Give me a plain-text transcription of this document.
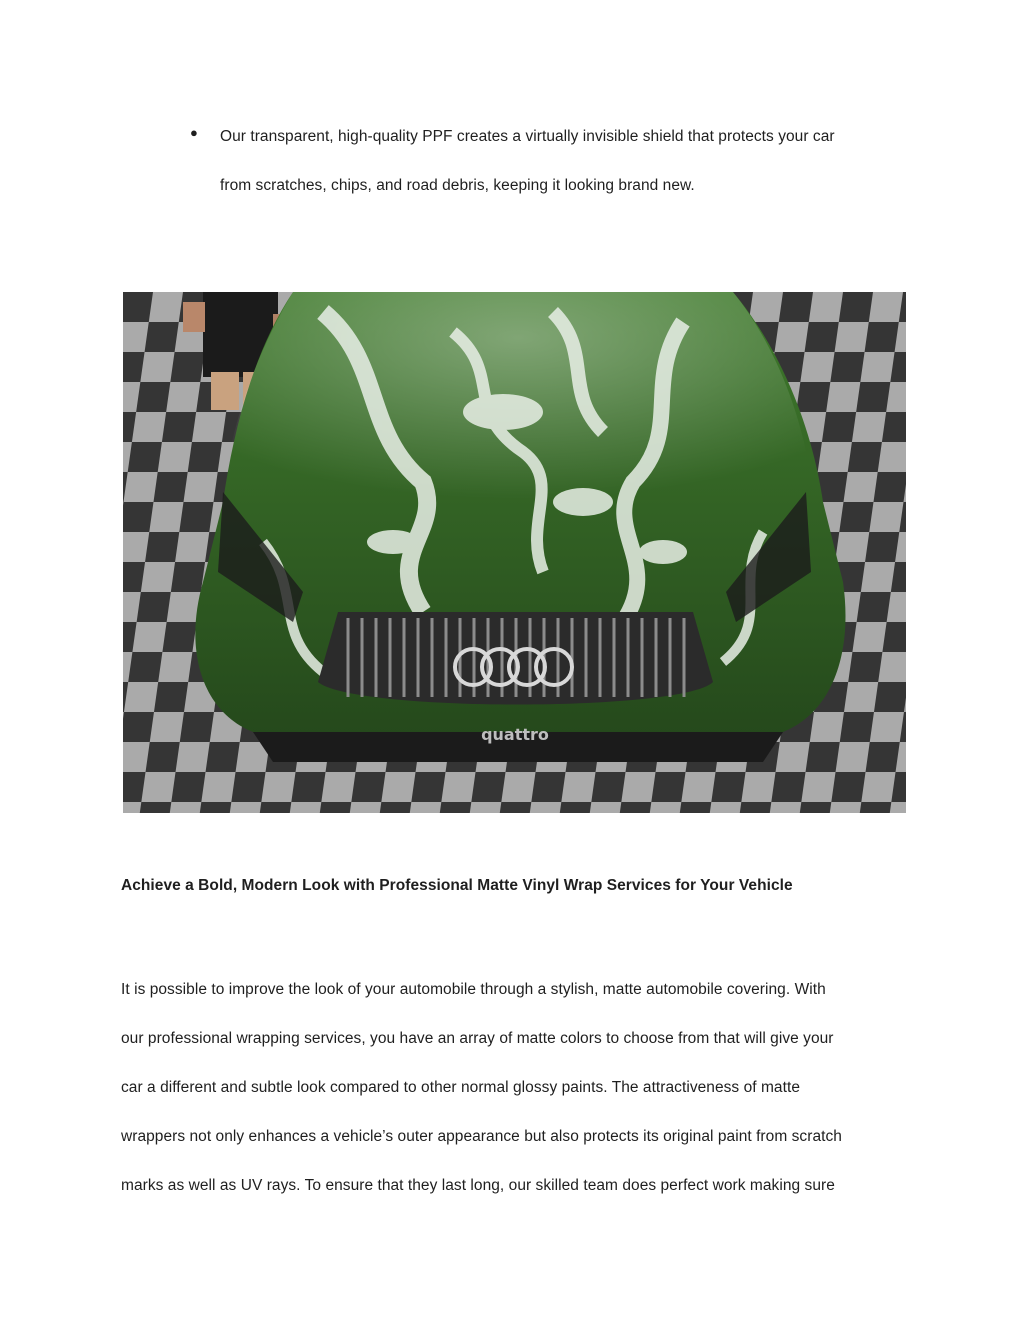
● Our transparent, high-quality PPF creates a virtually invisible shield that protects your car
from scratches, chips, and road debris, keeping it looking brand new.
quattro
Achieve a Bold, Modern Look with Professional Matte Vinyl Wrap Services for Your Vehicle

It is possible to improve the look of your automobile through a stylish, matte automobile covering. With
our professional wrapping services, you have an array of matte colors to choose from that will give your
car a different and subtle look compared to other normal glossy paints. The attractiveness of matte
wrappers not only enhances a vehicle’s outer appearance but also protects its original paint from scratch
marks as well as UV rays. To ensure that they last long, our skilled team does perfect work making sure
